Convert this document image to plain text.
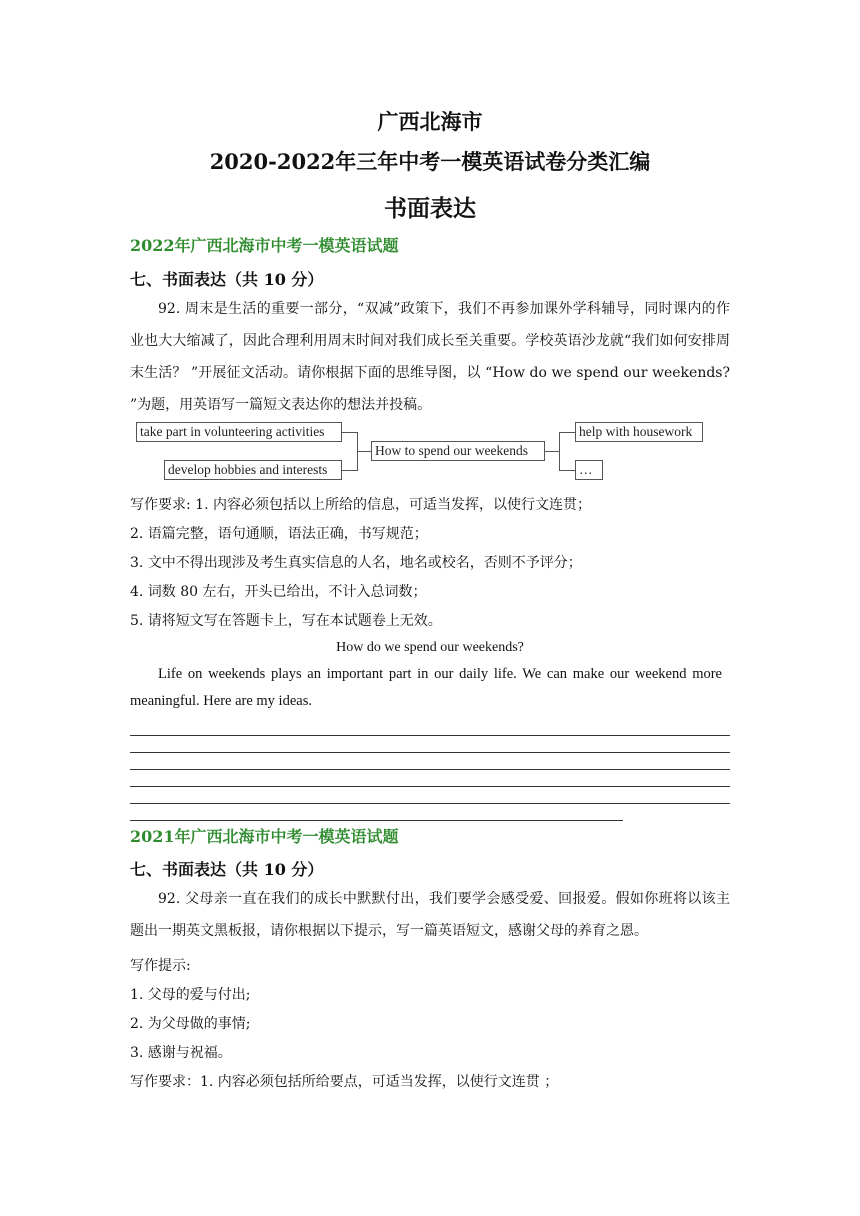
广西北海市
2020-2022年三年中考一模英语试卷分类汇编
书面表达
2022年广西北海市中考一模英语试题
七、书面表达（共 10 分）
92. 周末是生活的重要一部分，“双减”政策下，我们不再参加课外学科辅导，同时课内的作业也大大缩减了，因此合理利用周末时间对我们成长至关重要。学校英语沙龙就“我们如何安排周末生活？ ”开展征文活动。请你根据下面的思维导图，以 “How do we spend our weekends? ”为题，用英语写一篇短文表达你的想法并投稿。
take part in volunteering activities
develop hobbies and interests
How to spend our weekends
help with housework
…
写作要求: 1. 内容必须包括以上所给的信息，可适当发挥，以使行文连贯；
2. 语篇完整，语句通顺，语法正确，书写规范；
3. 文中不得出现涉及考生真实信息的人名，地名或校名，否则不予评分；
4. 词数 80 左右，开头已给出，不计入总词数；
5. 请将短文写在答题卡上，写在本试题卷上无效。
How do we spend our weekends?
Life on weekends plays an important part in our daily life. We can make our weekend more meaningful. Here are my ideas.
2021年广西北海市中考一模英语试题
七、书面表达（共 10 分）
92. 父母亲一直在我们的成长中默默付出，我们要学会感受爱、回报爱。假如你班将以该主题出一期英文黑板报，请你根据以下提示，写一篇英语短文，感谢父母的养育之恩。
写作提示:
1. 父母的爱与付出;
2. 为父母做的事情;
3. 感谢与祝福。
写作要求：1. 内容必须包括所给要点，可适当发挥，以使行文连贯 ；
